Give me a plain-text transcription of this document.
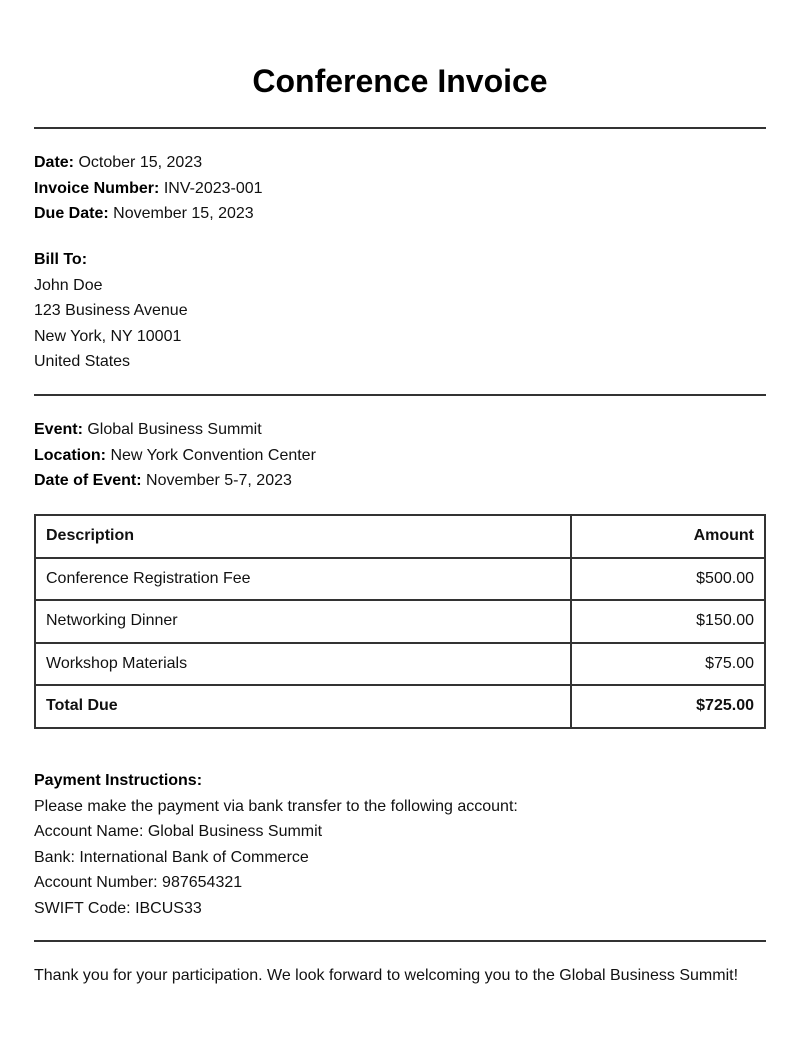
Conference Invoice
Date: October 15, 2023
Invoice Number: INV-2023-001
Due Date: November 15, 2023
Bill To:
John Doe
123 Business Avenue
New York, NY 10001
United States
Event: Global Business Summit
Location: New York Convention Center
Date of Event: November 5-7, 2023
Description	Amount
Conference Registration Fee	$500.00
Networking Dinner	$150.00
Workshop Materials	$75.00
Total Due	$725.00
Payment Instructions:
Please make the payment via bank transfer to the following account:
Account Name: Global Business Summit
Bank: International Bank of Commerce
Account Number: 987654321
SWIFT Code: IBCUS33
Thank you for your participation. We look forward to welcoming you to the Global Business Summit!
